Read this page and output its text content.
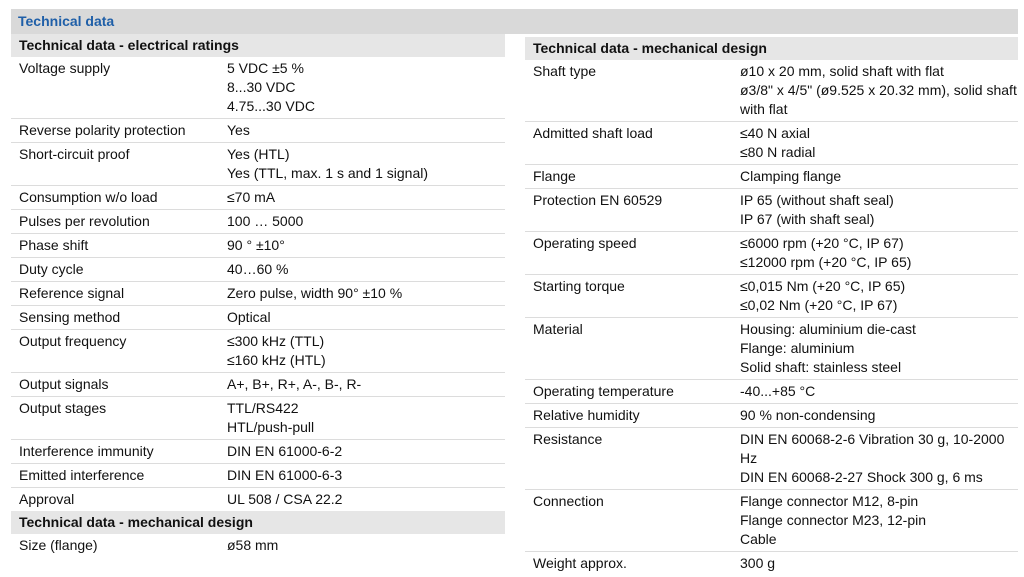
Technical data
Technical data - electrical ratings
Voltage supply	5 VDC ±5 %
8...30 VDC
4.75...30 VDC

Reverse polarity protection	Yes

Short-circuit proof	Yes (HTL)
Yes (TTL, max. 1 s and 1 signal)

Consumption w/o load	≤70 mA

Pulses per revolution	100 … 5000

Phase shift	90 ° ±10°

Duty cycle	40…60 %

Reference signal	Zero pulse, width 90° ±10 %

Sensing method	Optical

Output frequency	≤300 kHz (TTL)
≤160 kHz (HTL)

Output signals	A+, B+, R+, A-, B-, R-

Output stages	TTL/RS422
HTL/push-pull

Interference immunity	DIN EN 61000-6-2

Emitted interference	DIN EN 61000-6-3

Approval	UL 508 / CSA 22.2
Technical data - mechanical design
Size (flange)	ø58 mm
Technical data - mechanical design
Shaft type	ø10 x 20 mm, solid shaft with flat
ø3/8" x 4/5" (ø9.525 x 20.32 mm), solid shaft with flat

Admitted shaft load	≤40 N axial
≤80 N radial

Flange	Clamping flange

Protection EN 60529	IP 65 (without shaft seal)
IP 67 (with shaft seal)

Operating speed	≤6000 rpm (+20 °C, IP 67)
≤12000 rpm (+20 °C, IP 65)

Starting torque	≤0,015 Nm (+20 °C, IP 65)
≤0,02 Nm (+20 °C, IP 67)

Material	Housing: aluminium die-cast
Flange: aluminium
Solid shaft: stainless steel

Operating temperature	-40...+85 °C

Relative humidity	90 % non-condensing

Resistance	DIN EN 60068-2-6 Vibration 30 g, 10-2000 Hz
DIN EN 60068-2-27 Shock 300 g, 6 ms

Connection	Flange connector M12, 8-pin
Flange connector M23, 12-pin
Cable

Weight approx.	300 g
